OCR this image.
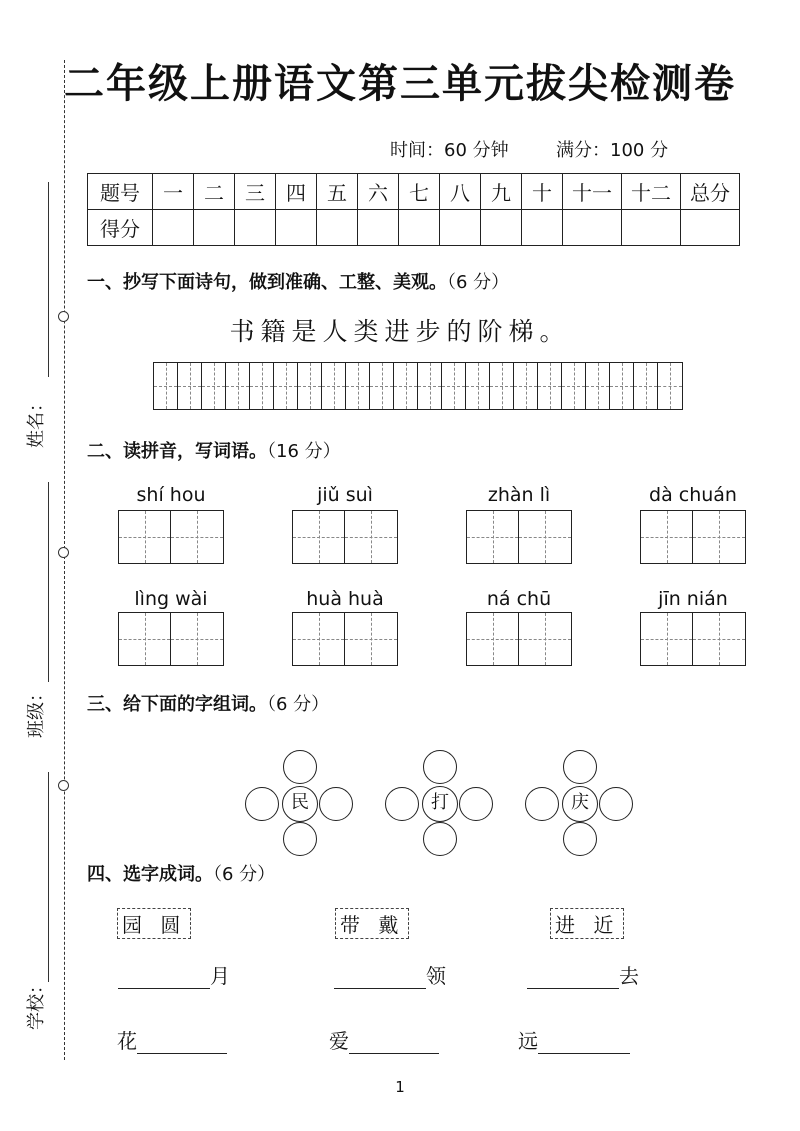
姓名：
班级：
学校：
二年级上册语文第三单元拔尖检测卷
时间：60 分钟	满分：100 分
题号	一	二	三	四	五	六	七	八	九	十	十一	十二	总分
得分													
一、抄写下面诗句，做到准确、工整、美观。（6 分）
书籍是人类进步的阶梯。
二、读拼音，写词语。（16 分）
shí hou	jiǔ suì	zhàn lì	dà chuán
lìng wài	huà huà	ná chū	jīn nián
三、给下面的字组词。（6 分）
民	打	庆
四、选字成词。（6 分）
园 圆	带 戴	进 近
月	领	去
花	爱	远
1
